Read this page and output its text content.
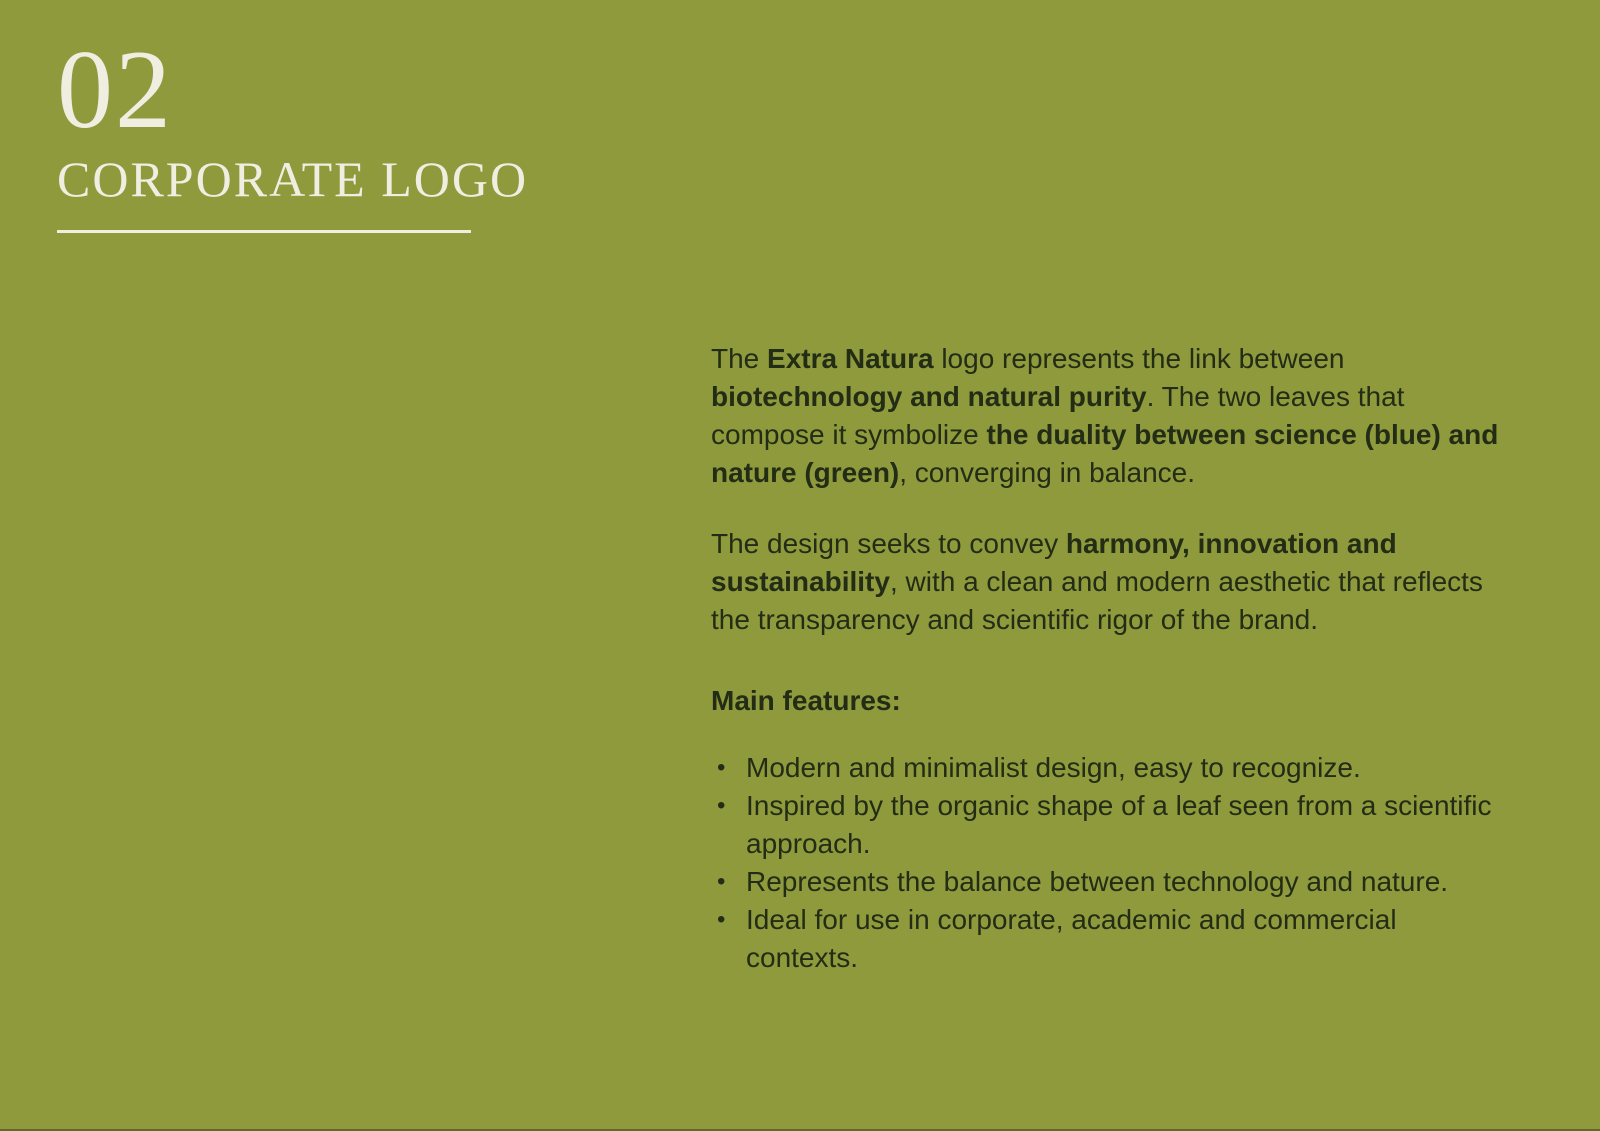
02
CORPORATE LOGO

The Extra Natura logo represents the link between biotechnology and natural purity. The two leaves that compose it symbolize the duality between science (blue) and nature (green), converging in balance.

The design seeks to convey harmony, innovation and sustainability, with a clean and modern aesthetic that reflects the transparency and scientific rigor of the brand.

Main features:
• Modern and minimalist design, easy to recognize.
• Inspired by the organic shape of a leaf seen from a scientific approach.
• Represents the balance between technology and nature.
• Ideal for use in corporate, academic and commercial contexts.
